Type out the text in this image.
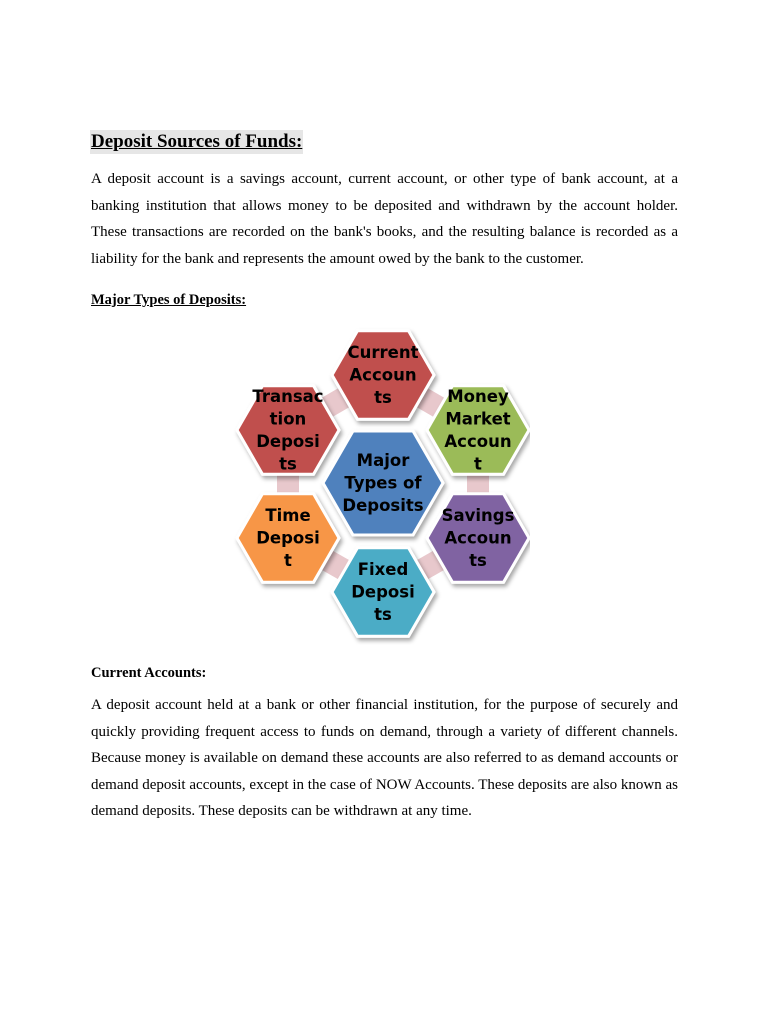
Deposit Sources of Funds:

A deposit account is a savings account, current account, or other type of bank account, at a banking institution that allows money to be deposited and withdrawn by the account holder. These transactions are recorded on the bank's books, and the resulting balance is recorded as a liability for the bank and represents the amount owed by the bank to the customer.

Major Types of Deposits:

Current
Accoun
ts	Money
Market
Accoun
t
Savings
Accoun
ts
Fixed
Deposi
ts
Time
Deposi
t
Transac
tion
Deposi
ts	Major
Types of
Deposits

Current Accounts:

A deposit account held at a bank or other financial institution, for the purpose of securely and quickly providing frequent access to funds on demand, through a variety of different channels. Because money is available on demand these accounts are also referred to as demand accounts or demand deposit accounts, except in the case of NOW Accounts. These deposits are also known as demand deposits. These deposits can be withdrawn at any time.
